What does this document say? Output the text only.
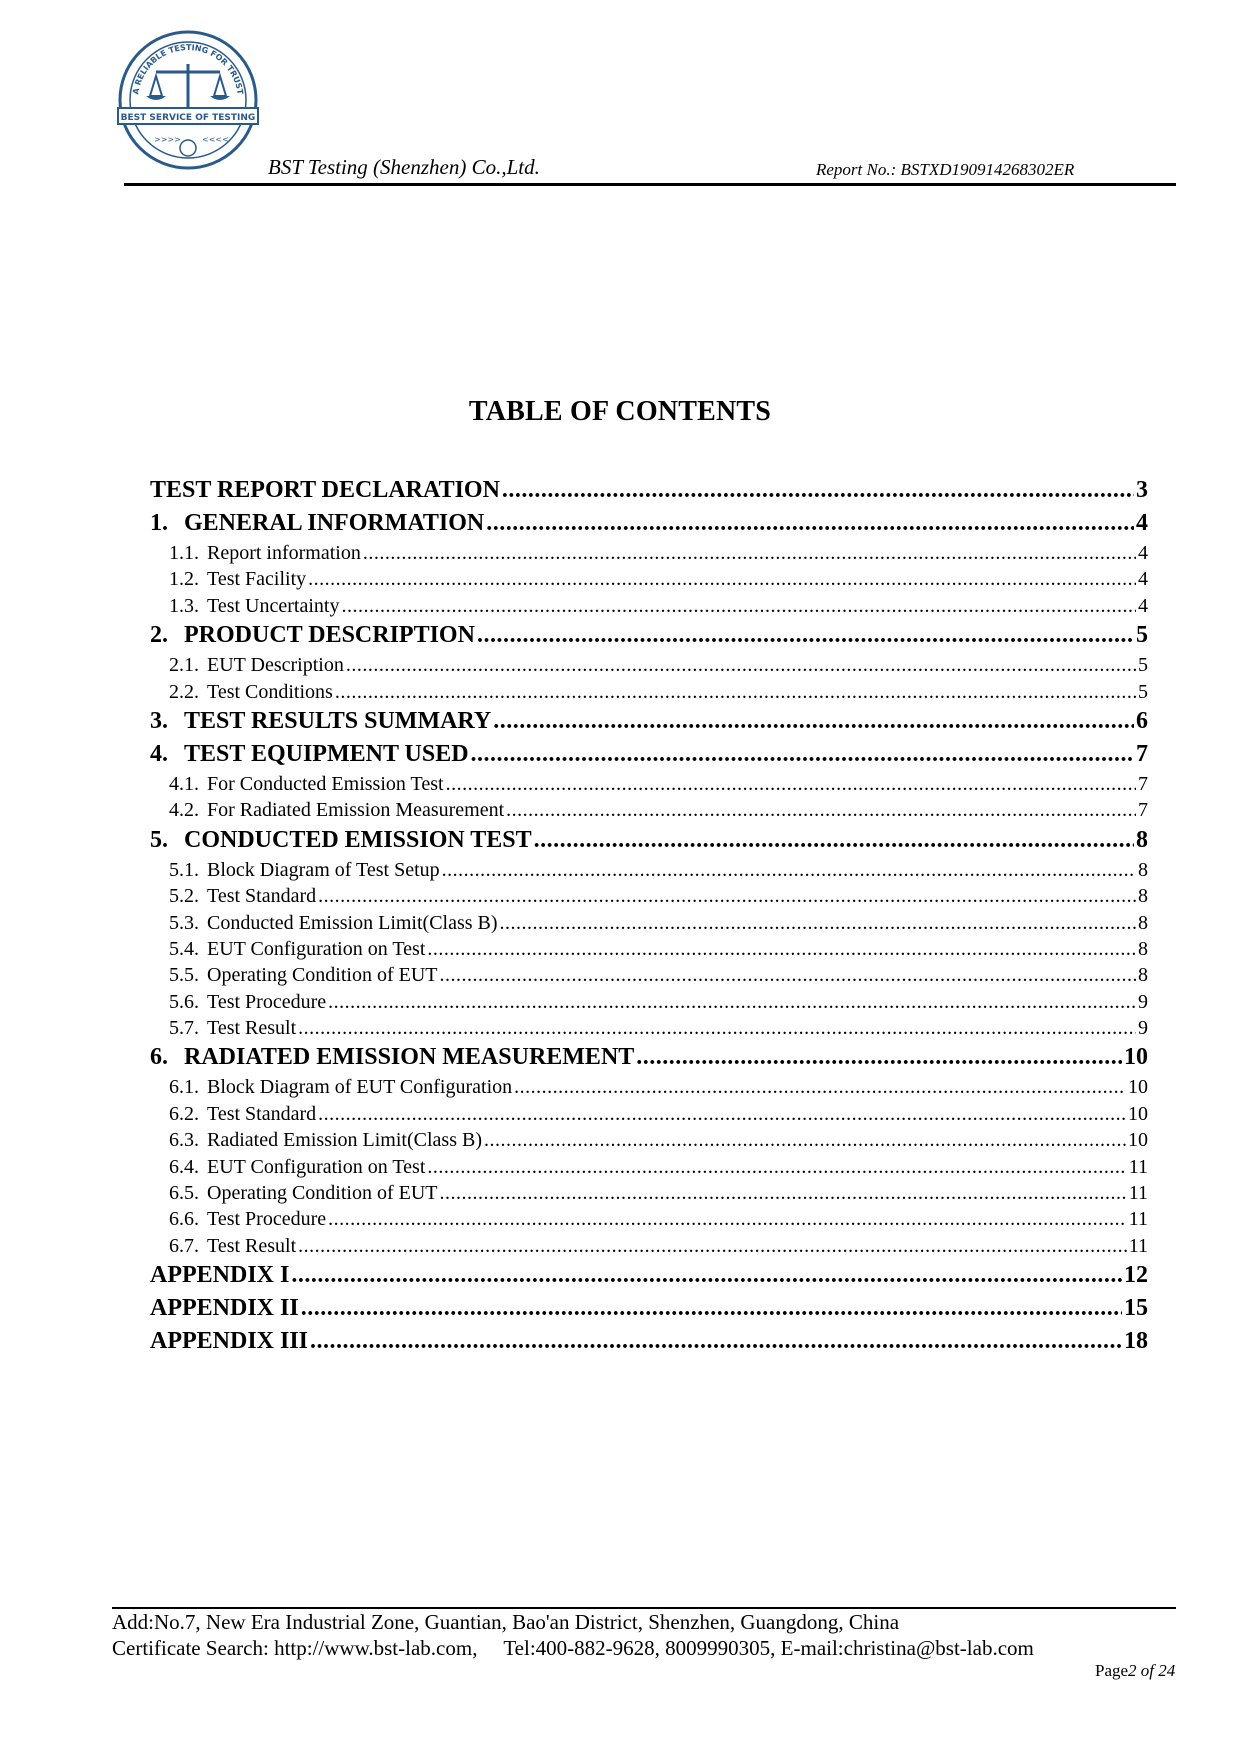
A RELIABLE TESTING FOR TRUST
BEST SERVICE OF TESTING
>>>>	<<<<
BST Testing (Shenzhen) Co.,Ltd.	Report No.: BSTXD190914268302ER
TABLE OF CONTENTS
TEST REPORT DECLARATION .....	3
1. GENERAL INFORMATION .....	4
1.1. Report information .....	4
1.2. Test Facility .....	4
1.3. Test Uncertainty .....	4
2. PRODUCT DESCRIPTION .....	5
2.1. EUT Description .....	5
2.2. Test Conditions .....	5
3. TEST RESULTS SUMMARY .....	6
4. TEST EQUIPMENT USED .....	7
4.1. For Conducted Emission Test .....	7
4.2. For Radiated Emission Measurement .....	7
5. CONDUCTED EMISSION TEST .....	8
5.1. Block Diagram of Test Setup .....	8
5.2. Test Standard .....	8
5.3. Conducted Emission Limit(Class B) .....	8
5.4. EUT Configuration on Test .....	8
5.5. Operating Condition of EUT .....	8
5.6. Test Procedure .....	9
5.7. Test Result .....	9
6. RADIATED EMISSION MEASUREMENT .....	10
6.1. Block Diagram of EUT Configuration .....	10
6.2. Test Standard .....	10
6.3. Radiated Emission Limit(Class B) .....	10
6.4. EUT Configuration on Test .....	11
6.5. Operating Condition of EUT .....	11
6.6. Test Procedure .....	11
6.7. Test Result .....	11
APPENDIX I .....	12
APPENDIX II .....	15
APPENDIX III .....	18
Add:No.7, New Era Industrial Zone, Guantian, Bao'an District, Shenzhen, Guangdong, China
Certificate Search: http://www.bst-lab.com,     Tel:400-882-9628, 8009990305, E-mail:christina@bst-lab.com
Page2 of 24
